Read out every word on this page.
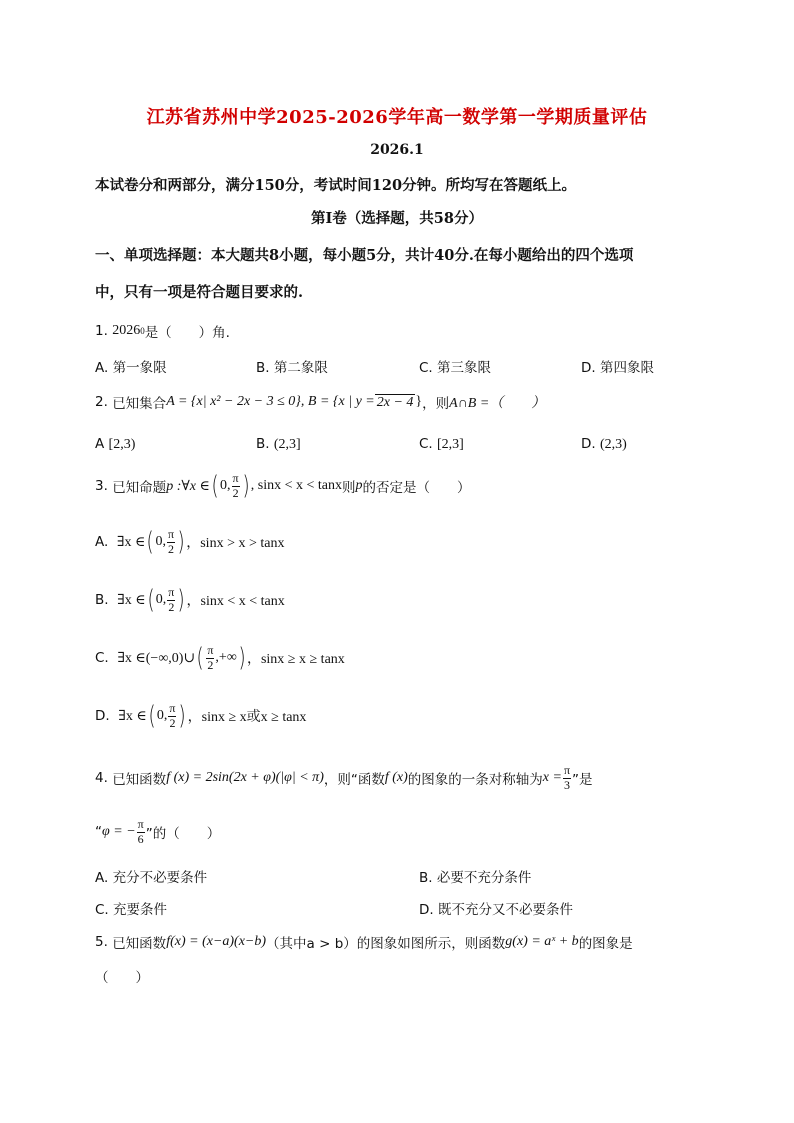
江苏省苏州中学2025-2026学年高一数学第一学期质量评估
2026.1
本试卷分和两部分，满分150分，考试时间120分钟。所均写在答题纸上。
第I卷（选择题，共58分）
一、单项选择题：本大题共8小题，每小题5分，共计40分.在每小题给出的四个选项
中，只有一项是符合题目要求的.
1.
2026 0 是（　　）角.
A. 第一象限	B. 第二象限	C. 第三象限	D. 第四象限
2.
已知集合 A = {x| x² − 2x − 3 ≤ 0} , B = {x | y = 2x − 4 } ，则 A∩B =（　　）
A [2,3)	B. (2,3]	C. [2,3]	D. (2,3)
3.
已知命题 p :∀x ∈ ( 0, $\frac{\pi}{2}$ ) , sinx < x < tanx 则 p 的否定是（　　）
A.
∃x ∈ ( 0, $\frac{\pi}{2}$ ) ，sinx > x > tanx
B.
∃x ∈ ( 0, $\frac{\pi}{2}$ ) ，sinx < x < tanx
C.
∃x ∈(−∞,0)∪ ( $\frac{\pi}{2}$ ,+∞ ) ，sinx ≥ x ≥ tanx
D.
∃x ∈ ( 0, $\frac{\pi}{2}$ ) ，sinx ≥ x或x ≥ tanx
4.
已知函数 f (x) = 2sin(2x + φ)(|φ| < π) ，则“函数 f (x) 的图象的一条对称轴为 $x = \frac{\pi}{3}$ ”是
“ φ = − $\frac{\pi}{6}$ ”的（　　）
A. 充分不必要条件	B. 必要不充分条件
C. 充要条件	D. 既不充分又不必要条件
5.
已知函数 f(x) = (x−a)(x−b) （其中a > b） 的图象如图所示，则函数 g(x) = aˣ + b 的图象是
（　　）
